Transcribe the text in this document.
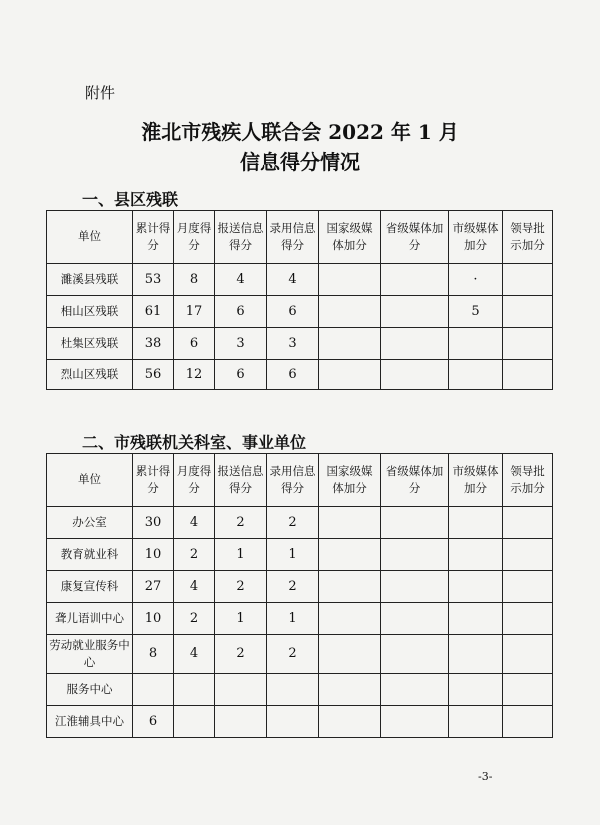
附件
淮北市残疾人联合会 2022 年 1 月
信息得分情况
一、县区残联
单位	累计得分	月度得分	报送信息得分	录用信息得分	国家级媒体加分	省级媒体加分	市级媒体加分	领导批示加分
濉溪县残联	53	8	4	4			·	
相山区残联	61	17	6	6			5	
杜集区残联	38	6	3	3				
烈山区残联	56	12	6	6				
二、市残联机关科室、事业单位
单位	累计得分	月度得分	报送信息得分	录用信息得分	国家级媒体加分	省级媒体加分	市级媒体加分	领导批示加分
办公室	30	4	2	2				
教育就业科	10	2	1	1				
康复宣传科	27	4	2	2				
聋儿语训中心	10	2	1	1				
劳动就业服务中心	8	4	2	2				
服务中心								
江淮辅具中心	6							
-3-
